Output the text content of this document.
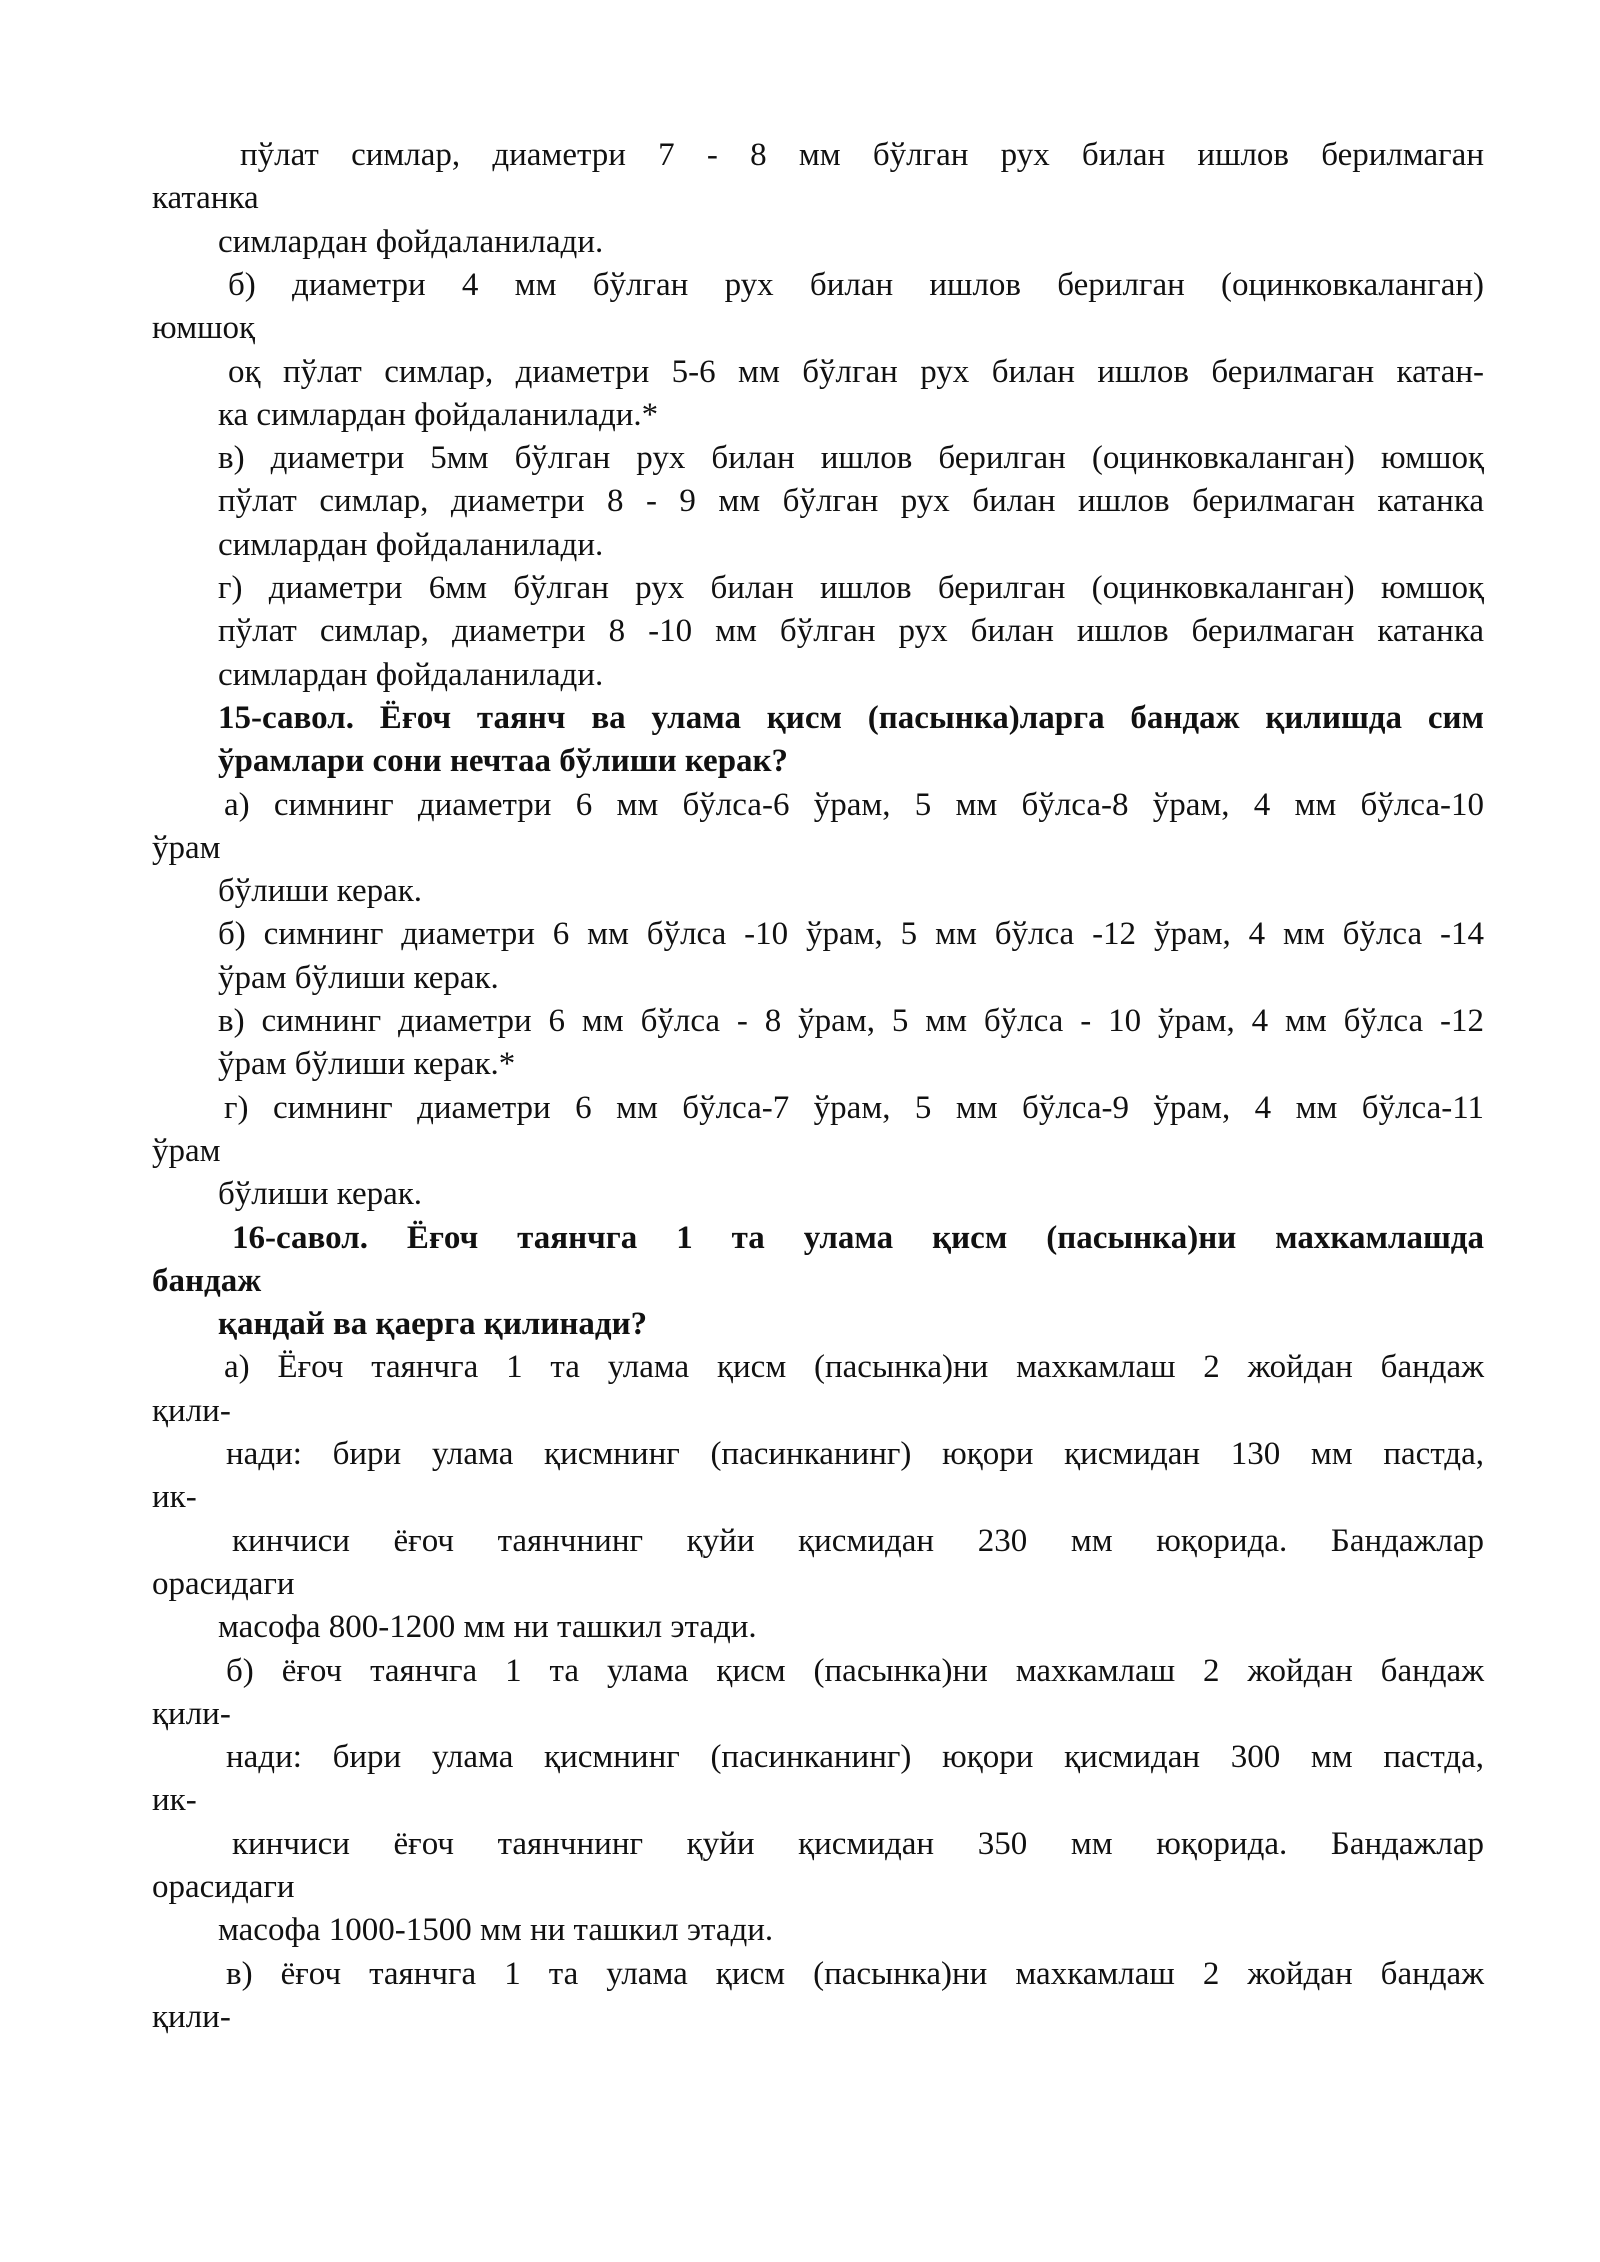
пўлат симлар, диаметри 7 - 8 мм бўлган рух билан ишлов берилмаган
катанка
симлардан фойдаланилади.
б) диаметри 4 мм бўлган рух билан ишлов берилган (оцинковкаланган)
юмшоқ
оқ пўлат симлар, диаметри 5-6 мм бўлган рух билан ишлов берилмаган катан-
ка симлардан фойдаланилади.*
в) диаметри 5мм бўлган рух билан ишлов берилган (оцинковкаланган) юмшоқ
пўлат симлар, диаметри 8 - 9 мм бўлган рух билан ишлов берилмаган катанка
симлардан фойдаланилади.
г) диаметри 6мм бўлган рух билан ишлов берилган (оцинковкаланган) юмшоқ
пўлат симлар, диаметри 8 -10 мм бўлган рух билан ишлов берилмаган катанка
симлардан фойдаланилади.
15-савол. Ёғоч таянч ва улама қисм (пасынка)ларга бандаж қилишда сим
ўрамлари сони нечтаа бўлиши керак?
а) симнинг диаметри 6 мм бўлса-6 ўрам, 5 мм бўлса-8 ўрам, 4 мм бўлса-10
ўрам
бўлиши керак.
б) симнинг диаметри 6 мм бўлса -10 ўрам, 5 мм бўлса -12 ўрам, 4 мм бўлса -14
ўрам бўлиши керак.
в) симнинг диаметри 6 мм бўлса - 8 ўрам, 5 мм бўлса - 10 ўрам, 4 мм бўлса -12
ўрам бўлиши керак.*
г) симнинг диаметри 6 мм бўлса-7 ўрам, 5 мм бўлса-9 ўрам, 4 мм бўлса-11
ўрам
бўлиши керак.
16-савол. Ёғоч таянчга 1 та улама қисм (пасынка)ни махкамлашда
бандаж
қандай ва қаерга қилинади?
а) Ёғоч таянчга 1 та улама қисм (пасынка)ни махкамлаш 2 жойдан бандаж
қили-
нади: бири улама қисмнинг (пасинканинг) юқори қисмидан 130 мм пастда,
ик-
кинчиси ёғоч таянчнинг қуйи қисмидан 230 мм юқорида. Бандажлар
орасидаги
масофа 800-1200 мм ни ташкил этади.
б) ёғоч таянчга 1 та улама қисм (пасынка)ни махкамлаш 2 жойдан бандаж
қили-
нади: бири улама қисмнинг (пасинканинг) юқори қисмидан 300 мм пастда,
ик-
кинчиси ёғоч таянчнинг қуйи қисмидан 350 мм юқорида. Бандажлар
орасидаги
масофа 1000-1500 мм ни ташкил этади.
в) ёғоч таянчга 1 та улама қисм (пасынка)ни махкамлаш 2 жойдан бандаж
қили-
